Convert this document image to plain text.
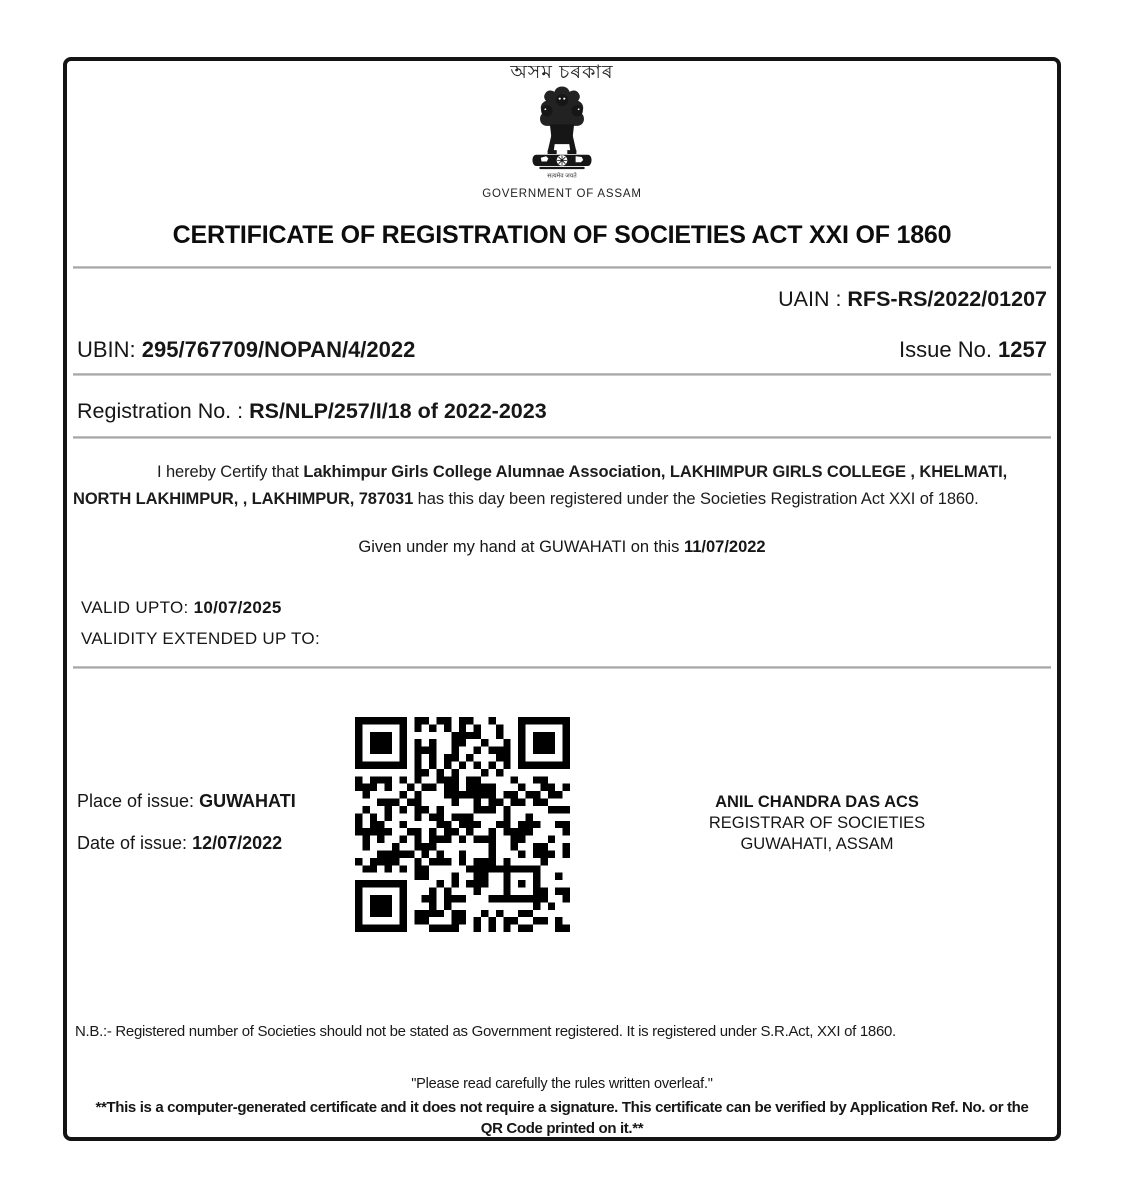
অসম চৰকাৰ
सत्यमेव जयते
GOVERNMENT OF ASSAM
CERTIFICATE OF REGISTRATION OF SOCIETIES ACT XXI OF 1860
UAIN : RFS-RS/2022/01207
UBIN: 295/767709/NOPAN/4/2022	Issue No. 1257
Registration No. : RS/NLP/257/I/18 of 2022-2023
I hereby Certify that Lakhimpur Girls College Alumnae Association, LAKHIMPUR GIRLS COLLEGE , KHELMATI, NORTH LAKHIMPUR, , LAKHIMPUR, 787031 has this day been registered under the Societies Registration Act XXI of 1860.
Given under my hand at GUWAHATI on this 11/07/2022
VALID UPTO: 10/07/2025
VALIDITY EXTENDED UP TO:
Place of issue: GUWAHATI
Date of issue: 12/07/2022
ANIL CHANDRA DAS ACS
REGISTRAR OF SOCIETIES
GUWAHATI, ASSAM
N.B.:- Registered number of Societies should not be stated as Government registered. It is registered under S.R.Act, XXI of 1860.
"Please read carefully the rules written overleaf."
**This is a computer-generated certificate and it does not require a signature. This certificate can be verified by Application Ref. No. or the QR Code printed on it.**
